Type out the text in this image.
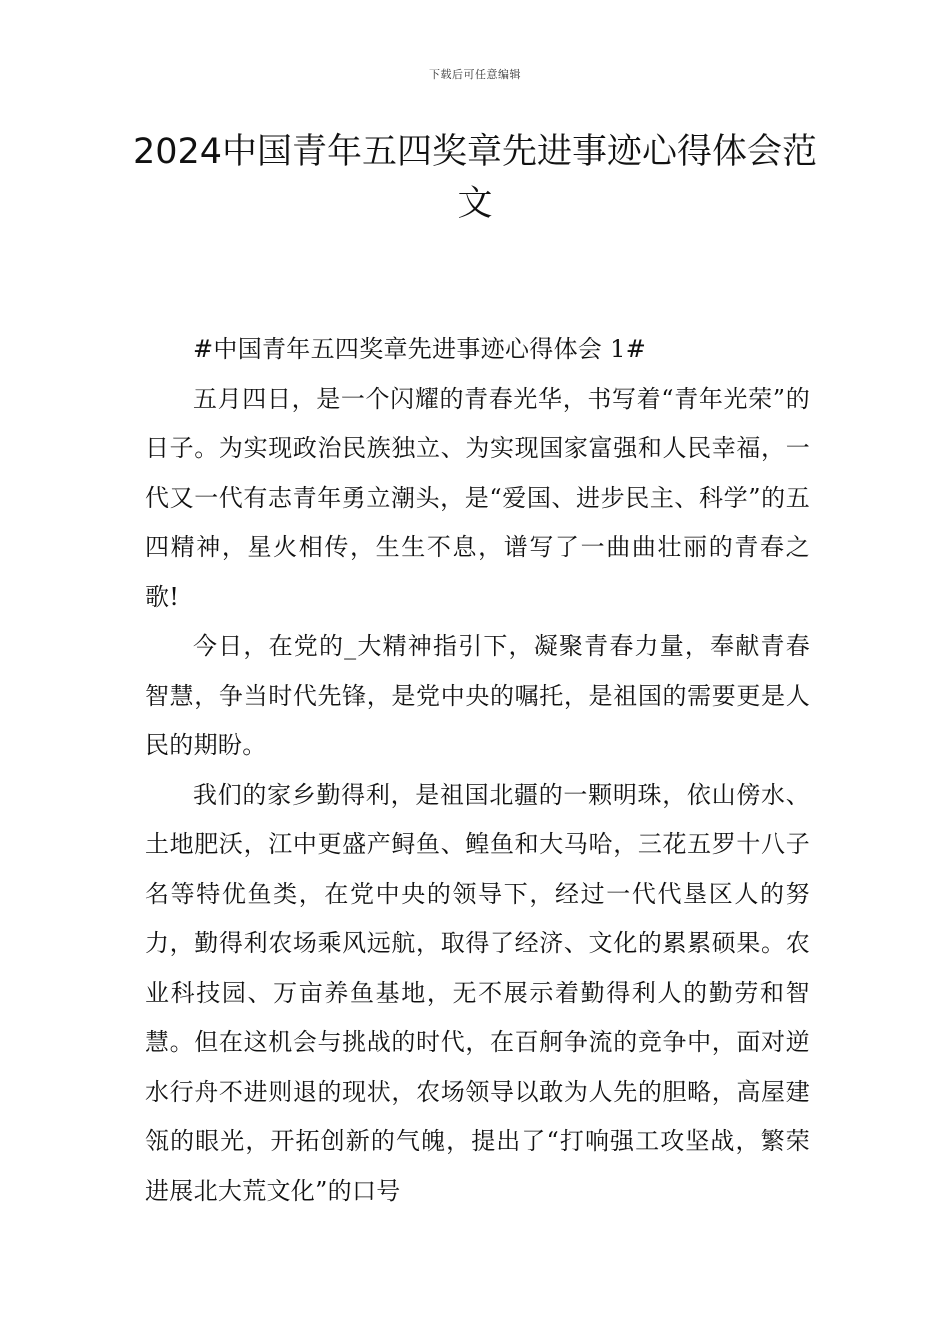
下载后可任意编辑
2024中国青年五四奖章先进事迹心得体会范文

#中国青年五四奖章先进事迹心得体会 1#

五月四日，是一个闪耀的青春光华，书写着“青年光荣”的日子。为实现政治民族独立、为实现国家富强和人民幸福，一代又一代有志青年勇立潮头，是“爱国、进步民主、科学”的五四精神，星火相传，生生不息，谱写了一曲曲壮丽的青春之歌!

今日，在党的_大精神指引下，凝聚青春力量，奉献青春智慧，争当时代先锋，是党中央的嘱托，是祖国的需要更是人民的期盼。

我们的家乡勤得利，是祖国北疆的一颗明珠，依山傍水、土地肥沃，江中更盛产鲟鱼、鳇鱼和大马哈，三花五罗十八子名等特优鱼类，在党中央的领导下，经过一代代垦区人的努力，勤得利农场乘风远航，取得了经济、文化的累累硕果。农业科技园、万亩养鱼基地，无不展示着勤得利人的勤劳和智慧。但在这机会与挑战的时代，在百舸争流的竞争中，面对逆水行舟不进则退的现状，农场领导以敢为人先的胆略，高屋建瓴的眼光，开拓创新的气魄，提出了“打响强工攻坚战，繁荣进展北大荒文化”的口号
